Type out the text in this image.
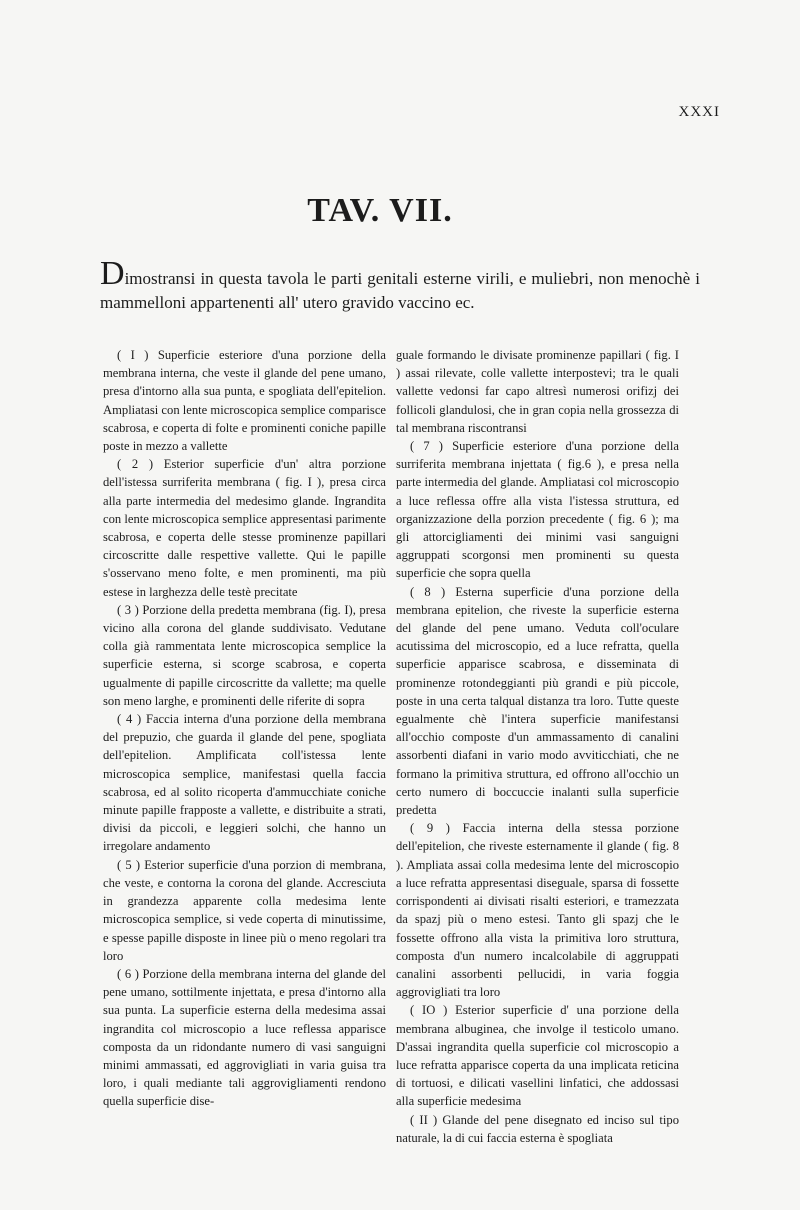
XXXI
TAV. VII.
Dimostransi in questa tavola le parti genitali esterne virili, e muliebri, non menochè i mammelloni appartenenti all' utero gravido vaccino ec.

( I ) Superficie esteriore d'una porzione della membrana interna, che veste il glande del pene umano, presa d'intorno alla sua punta, e spogliata dell'epitelion. Ampliatasi con lente microscopica semplice comparisce scabrosa, e coperta di folte e prominenti coniche papille poste in mezzo a vallette

( 2 ) Esterior superficie d'un' altra porzione dell'istessa surriferita membrana ( fig. I ), presa circa alla parte intermedia del medesimo glande. Ingrandita con lente microscopica semplice appresentasi parimente scabrosa, e coperta delle stesse prominenze papillari circoscritte dalle respettive vallette. Qui le papille s'osservano meno folte, e men prominenti, ma più estese in larghezza delle testè precitate

( 3 ) Porzione della predetta membrana (fig. I), presa vicino alla corona del glande suddivisato. Vedutane colla già rammentata lente microscopica semplice la superficie esterna, si scorge scabrosa, e coperta ugualmente di papille circoscritte da vallette; ma quelle son meno larghe, e prominenti delle riferite di sopra

( 4 ) Faccia interna d'una porzione della membrana del prepuzio, che guarda il glande del pene, spogliata dell'epitelion. Amplificata coll'istessa lente microscopica semplice, manifestasi quella faccia scabrosa, ed al solito ricoperta d'ammucchiate coniche minute papille frapposte a vallette, e distribuite a strati, divisi da piccoli, e leggieri solchi, che hanno un irregolare andamento

( 5 ) Esterior superficie d'una porzion di membrana, che veste, e contorna la corona del glande. Accresciuta in grandezza apparente colla medesima lente microscopica semplice, si vede coperta di minutissime, e spesse papille disposte in linee più o meno regolari tra loro

( 6 ) Porzione della membrana interna del glande del pene umano, sottilmente injettata, e presa d'intorno alla sua punta. La superficie esterna della medesima assai ingrandita col microscopio a luce reflessa apparisce composta da un ridondante numero di vasi sanguigni minimi ammassati, ed aggrovigliati in varia guisa tra loro, i quali mediante tali aggrovigliamenti rendono quella superficie dise-

guale formando le divisate prominenze papillari ( fig. I ) assai rilevate, colle vallette interpostevi; tra le quali vallette vedonsi far capo altresì numerosi orifizj dei follicoli glandulosi, che in gran copia nella grossezza di tal membrana riscontransi

( 7 ) Superficie esteriore d'una porzione della surriferita membrana injettata ( fig.6 ), e presa nella parte intermedia del glande. Ampliatasi col microscopio a luce reflessa offre alla vista l'istessa struttura, ed organizzazione della porzion precedente ( fig. 6 ); ma gli attorcigliamenti dei minimi vasi sanguigni aggruppati scorgonsi men prominenti su questa superficie che sopra quella

( 8 ) Esterna superficie d'una porzione della membrana epitelion, che riveste la superficie esterna del glande del pene umano. Veduta coll'oculare acutissima del microscopio, ed a luce refratta, quella superficie apparisce scabrosa, e disseminata di prominenze rotondeggianti più grandi e più piccole, poste in una certa talqual distanza tra loro. Tutte queste egualmente chè l'intera superficie manifestansi all'occhio composte d'un ammassamento di canalini assorbenti diafani in vario modo avviticchiati, che ne formano la primitiva struttura, ed offrono all'occhio un certo numero di boccuccie inalanti sulla superficie predetta

( 9 ) Faccia interna della stessa porzione dell'epitelion, che riveste esternamente il glande ( fig. 8 ). Ampliata assai colla medesima lente del microscopio a luce refratta appresentasi diseguale, sparsa di fossette corrispondenti ai divisati risalti esteriori, e tramezzata da spazj più o meno estesi. Tanto gli spazj che le fossette offrono alla vista la primitiva loro struttura, composta d'un numero incalcolabile di aggruppati canalini assorbenti pellucidi, in varia foggia aggrovigliati tra loro

( IO ) Esterior superficie d' una porzione della membrana albuginea, che involge il testicolo umano. D'assai ingrandita quella superficie col microscopio a luce refratta apparisce coperta da una implicata reticina di tortuosi, e dilicati vasellini linfatici, che addossasi alla superficie medesima

( II ) Glande del pene disegnato ed inciso sul tipo naturale, la di cui faccia esterna è spogliata
